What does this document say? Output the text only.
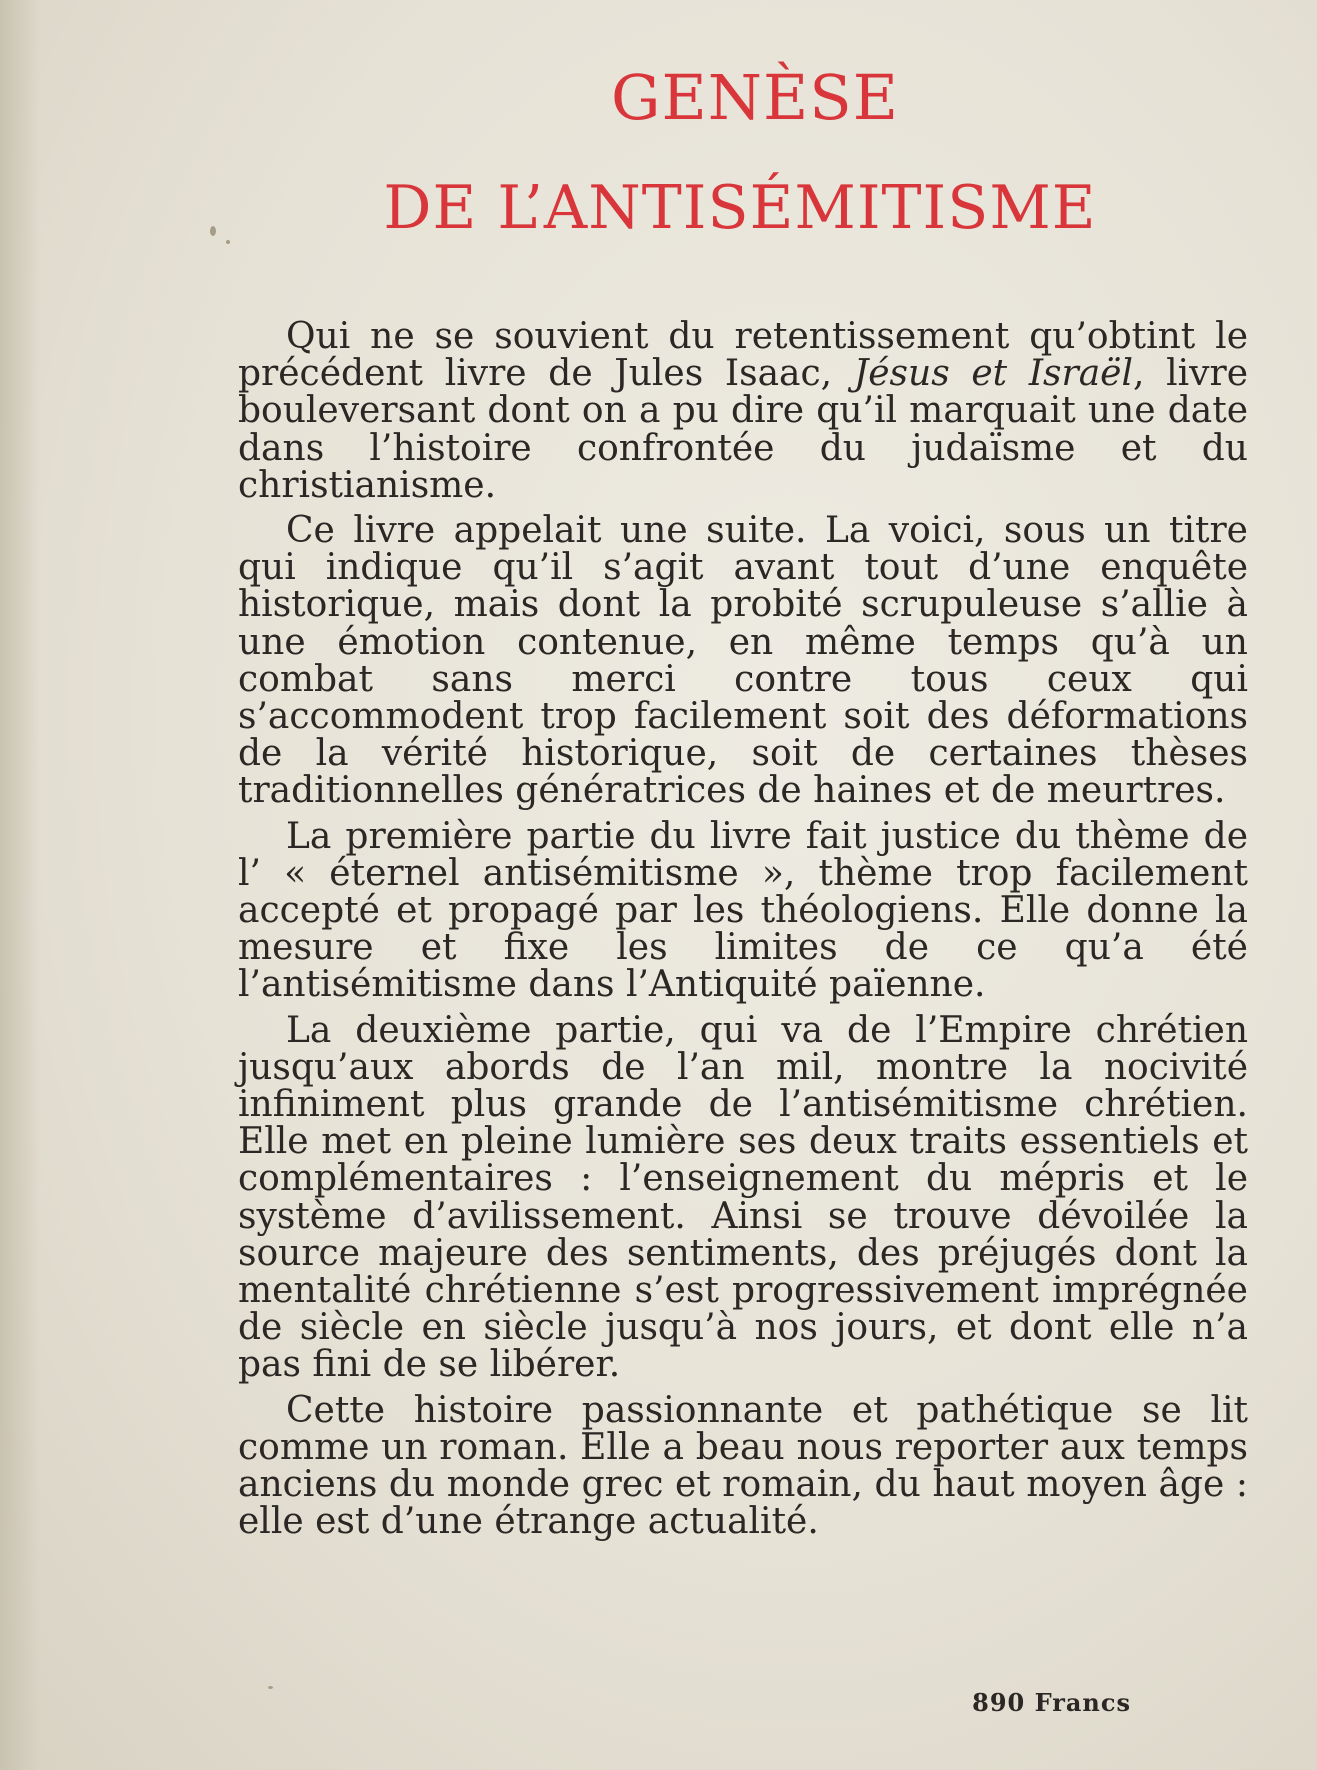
GENÈSE
DE L’ANTISÉMITISME

Qui ne se souvient du retentissement qu’obtint le précédent livre de Jules Isaac, Jésus et Israël, livre bouleversant dont on a pu dire qu’il marquait une date dans l’histoire confrontée du judaïsme et du christianisme.

Ce livre appelait une suite. La voici, sous un titre qui indique qu’il s’agit avant tout d’une enquête historique, mais dont la probité scrupuleuse s’allie à une émotion contenue, en même temps qu’à un combat sans merci contre tous ceux qui s’accommodent trop facilement soit des déformations de la vérité historique, soit de certaines thèses traditionnelles génératrices de haines et de meurtres.

La première partie du livre fait justice du thème de l’ « éternel antisémitisme », thème trop facilement accepté et propagé par les théologiens. Elle donne la mesure et fixe les limites de ce qu’a été l’antisémitisme dans l’Antiquité païenne.

La deuxième partie, qui va de l’Empire chrétien jusqu’aux abords de l’an mil, montre la nocivité infiniment plus grande de l’antisémitisme chrétien. Elle met en pleine lumière ses deux traits essentiels et complémentaires : l’enseignement du mépris et le système d’avilissement. Ainsi se trouve dévoilée la source majeure des sentiments, des préjugés dont la mentalité chrétienne s’est progressivement imprégnée de siècle en siècle jusqu’à nos jours, et dont elle n’a pas fini de se libérer.

Cette histoire passionnante et pathétique se lit comme un roman. Elle a beau nous reporter aux temps anciens du monde grec et romain, du haut moyen âge : elle est d’une étrange actualité.

890 Francs
